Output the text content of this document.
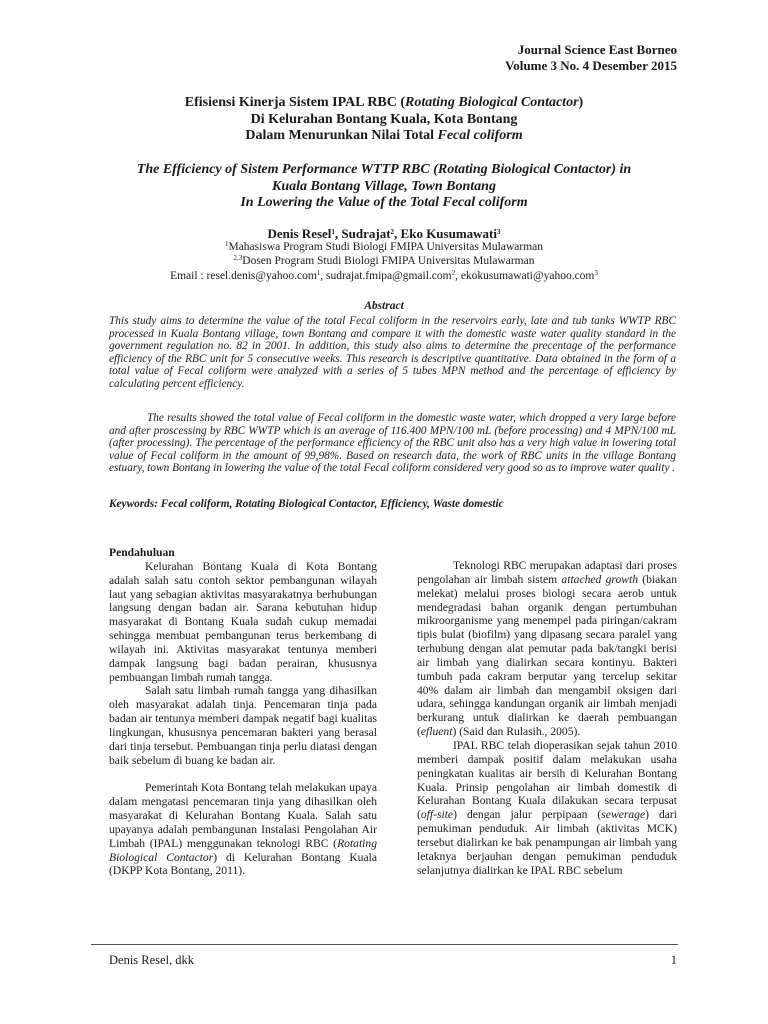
Journal Science East Borneo
Volume 3 No. 4 Desember 2015
Efisiensi Kinerja Sistem IPAL RBC (Rotating Biological Contactor)
Di Kelurahan Bontang Kuala, Kota Bontang
Dalam Menurunkan Nilai Total Fecal coliform
The Efficiency of Sistem Performance WTTP RBC (Rotating Biological Contactor) in
Kuala Bontang Village, Town Bontang
In Lowering the Value of the Total Fecal coliform
Denis Resel$^1$, Sudrajat$^2$, Eko Kusumawati$^3$
$^1$Mahasiswa Program Studi Biologi FMIPA Universitas Mulawarman
$^{2,3}$Dosen Program Studi Biologi FMIPA Universitas Mulawarman
Email : resel.denis@yahoo.com$^1$, sudrajat.fmipa@gmail.com$^2$, ekokusumawati@yahoo.com$^3$
Abstract
This study aims to determine the value of the total Fecal coliform in the reservoirs early, late and tub tanks WWTP RBC processed in Kuala Bontang village, town Bontang and compare it with the domestic waste water quality standard in the government regulation no. 82 in 2001. In addition, this study also aims to determine the precentage of the performance efficiency of the RBC unit for 5 consecutive weeks. This research is descriptive quantitative. Data obtained in the form of a total value of Fecal coliform were analyzed with a series of 5 tubes MPN method and the percentage of efficiency by calculating percent efficiency.
The results showed the total value of Fecal coliform in the domestic waste water, which dropped a very large before and after proscessing by RBC WWTP which is an average of 116.400 MPN/100 mL (before processing) and 4 MPN/100 mL (after processing). The percentage of the performance efficiency of the RBC unit also has a very high value in lowering total value of Fecal coliform in the amount of 99,98%. Based on research data, the work of RBC units in the village Bontang estuary, town Bontang in lowering the value of the total Fecal coliform considered very good so as to improve water quality .
Keywords: Fecal coliform, Rotating Biological Contactor, Efficiency, Waste domestic

Pendahuluan

Kelurahan Bontang Kuala di Kota Bontang adalah salah satu contoh sektor pembangunan wilayah laut yang sebagian aktivitas masyarakatnya berhubungan langsung dengan badan air. Sarana kebutuhan hidup masyarakat di Bontang Kuala sudah cukup memadai sehingga membuat pembangunan terus berkembang di wilayah ini. Aktivitas masyarakat tentunya memberi dampak langsung bagi badan perairan, khususnya pembuangan limbah rumah tangga.

Salah satu limbah rumah tangga yang dihasilkan oleh masyarakat adalah tinja. Pencemaran tinja pada badan air tentunya memberi dampak negatif bagi kualitas lingkungan, khususnya pencemaran bakteri yang berasal dari tinja tersebut. Pembuangan tinja perlu diatasi dengan baik sebelum di buang ke badan air.

Pemerintah Kota Bontang telah melakukan upaya dalam mengatasi pencemaran tinja yang dihasilkan oleh masyarakat di Kelurahan Bontang Kuala. Salah satu upayanya adalah pembangunan Instalasi Pengolahan Air Limbah (IPAL) menggunakan teknologi RBC (Rotating Biological Contactor) di Kelurahan Bontang Kuala (DKPP Kota Bontang, 2011).

Teknologi RBC merupakan adaptasi dari proses pengolahan air limbah sistem attached growth (biakan melekat) melalui proses biologi secara aerob untuk mendegradasi bahan organik dengan pertumbuhan mikroorganisme yang menempel pada piringan/cakram tipis bulat (biofilm) yang dipasang secara paralel yang terhubung dengan alat pemutar pada bak/tangki berisi air limbah yang dialirkan secara kontinyu. Bakteri tumbuh pada cakram berputar yang tercelup sekitar 40% dalam air limbah dan mengambil oksigen dari udara, sehingga kandungan organik air limbah menjadi berkurang untuk dialirkan ke daerah pembuangan (efluent) (Said dan Rulasih., 2005).

IPAL RBC telah dioperasikan sejak tahun 2010 memberi dampak positif dalam melakukan usaha peningkatan kualitas air bersih di Kelurahan Bontang Kuala. Prinsip pengolahan air limbah domestik di Kelurahan Bontang Kuala dilakukan secara terpusat (off-site) dengan jalur perpipaan (sewerage) dari pemukiman penduduk. Air limbah (aktivitas MCK) tersebut dialirkan ke bak penampungan air limbah yang letaknya berjauhan dengan pemukiman penduduk selanjutnya dialirkan ke IPAL RBC sebelum

Denis Resel, dkk	1
